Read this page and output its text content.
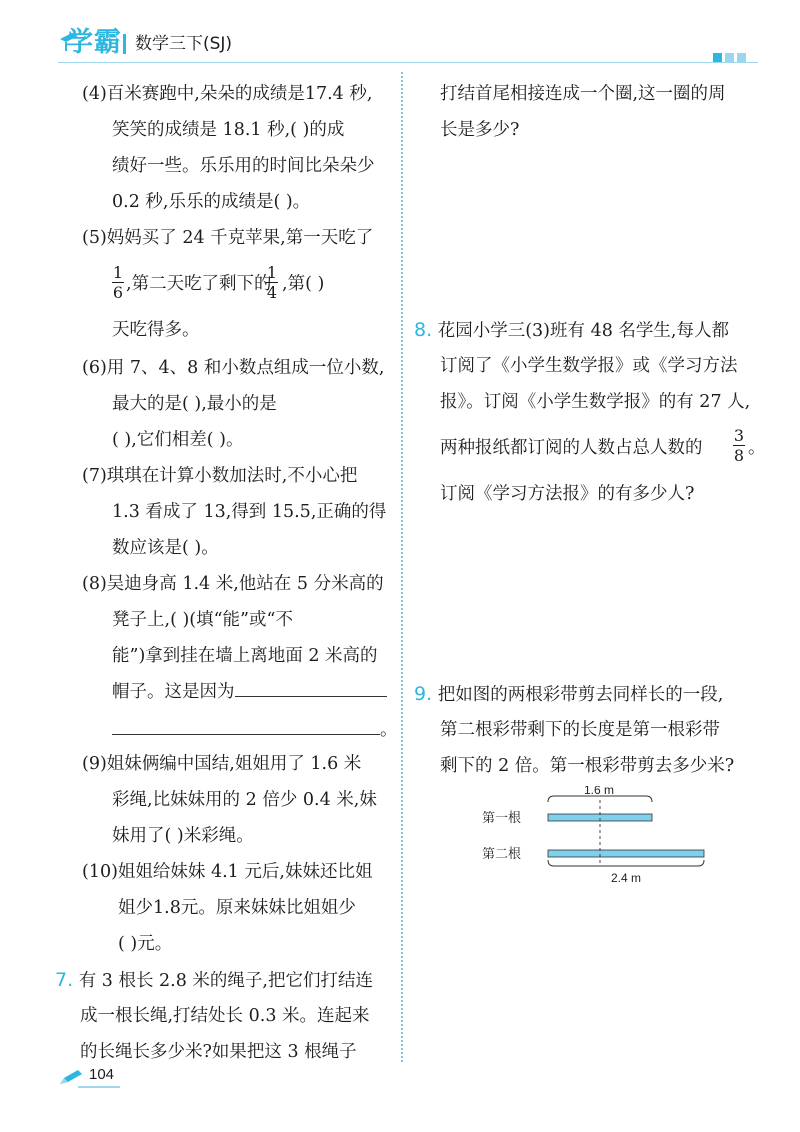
学霸 数学三下(SJ)
(4)百米赛跑中,朵朵的成绩是17.4 秒,
笑笑的成绩是 18.1 秒,( )的成
绩好一些。乐乐用的时间比朵朵少
0.2 秒,乐乐的成绩是( )。
(5)妈妈买了 24 千克苹果,第一天吃了
1
6 ,第二天吃了剩下的
1
4 ,第( )
天吃得多。
(6)用 7、4、8 和小数点组成一位小数,
最大的是( ),最小的是
( ),它们相差( )。
(7)琪琪在计算小数加法时,不小心把
1.3 看成了 13,得到 15.5,正确的得
数应该是( )。
(8)吴迪身高 1.4 米,他站在 5 分米高的
凳子上,( )(填“能”或“不
能”)拿到挂在墙上离地面 2 米高的
帽子。这是因为
。
(9)姐妹俩编中国结,姐姐用了 1.6 米
彩绳,比妹妹用的 2 倍少 0.4 米,妹
妹用了( )米彩绳。
(10)姐姐给妹妹 4.1 元后,妹妹还比姐
姐少1.8元。原来妹妹比姐姐少
( )元。
7. 有 3 根长 2.8 米的绳子,把它们打结连
成一根长绳,打结处长 0.3 米。连起来
的长绳长多少米?如果把这 3 根绳子
打结首尾相接连成一个圈,这一圈的周
长是多少?
8. 花园小学三(3)班有 48 名学生,每人都
订阅了《小学生数学报》或《学习方法
报》。订阅《小学生数学报》的有 27 人,
两种报纸都订阅的人数占总人数的
3
8 。
订阅《学习方法报》的有多少人?
9. 把如图的两根彩带剪去同样长的一段,
第二根彩带剩下的长度是第一根彩带
剩下的 2 倍。第一根彩带剪去多少米?
1.6 m
第一根
第二根
2.4 m
104
